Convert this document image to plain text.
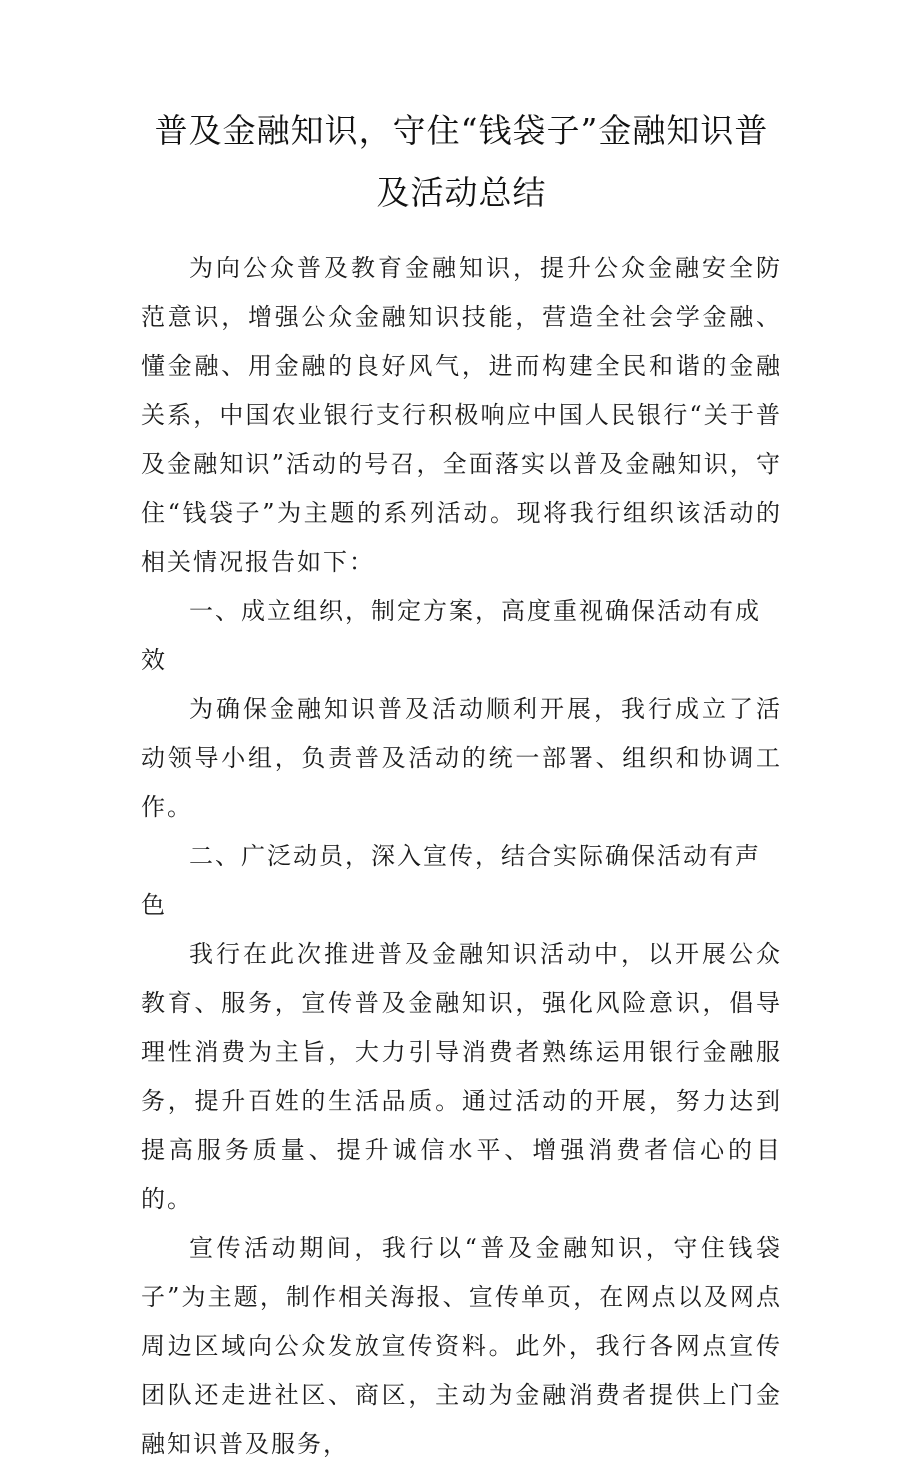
普及金融知识，守住“钱袋子”金融知识普
及活动总结

为向公众普及教育金融知识，提升公众金融安全防范意识，增强公众金融知识技能，营造全社会学金融、懂金融、用金融的良好风气，进而构建全民和谐的金融关系，中国农业银行支行积极响应中国人民银行“关于普及金融知识”活动的号召，全面落实以普及金融知识，守住“钱袋子”为主题的系列活动。现将我行组织该活动的相关情况报告如下：

一、成立组织，制定方案，高度重视确保活动有成效

为确保金融知识普及活动顺利开展，我行成立了活动领导小组，负责普及活动的统一部署、组织和协调工作。

二、广泛动员，深入宣传，结合实际确保活动有声色

我行在此次推进普及金融知识活动中，以开展公众教育、服务，宣传普及金融知识，强化风险意识，倡导理性消费为主旨，大力引导消费者熟练运用银行金融服务，提升百姓的生活品质。通过活动的开展，努力达到提高服务质量、提升诚信水平、增强消费者信心的目的。

宣传活动期间，我行以“普及金融知识，守住钱袋子”为主题，制作相关海报、宣传单页，在网点以及网点周边区域向公众发放宣传资料。此外，我行各网点宣传团队还走进社区、商区，主动为金融消费者提供上门金融知识普及服务，
